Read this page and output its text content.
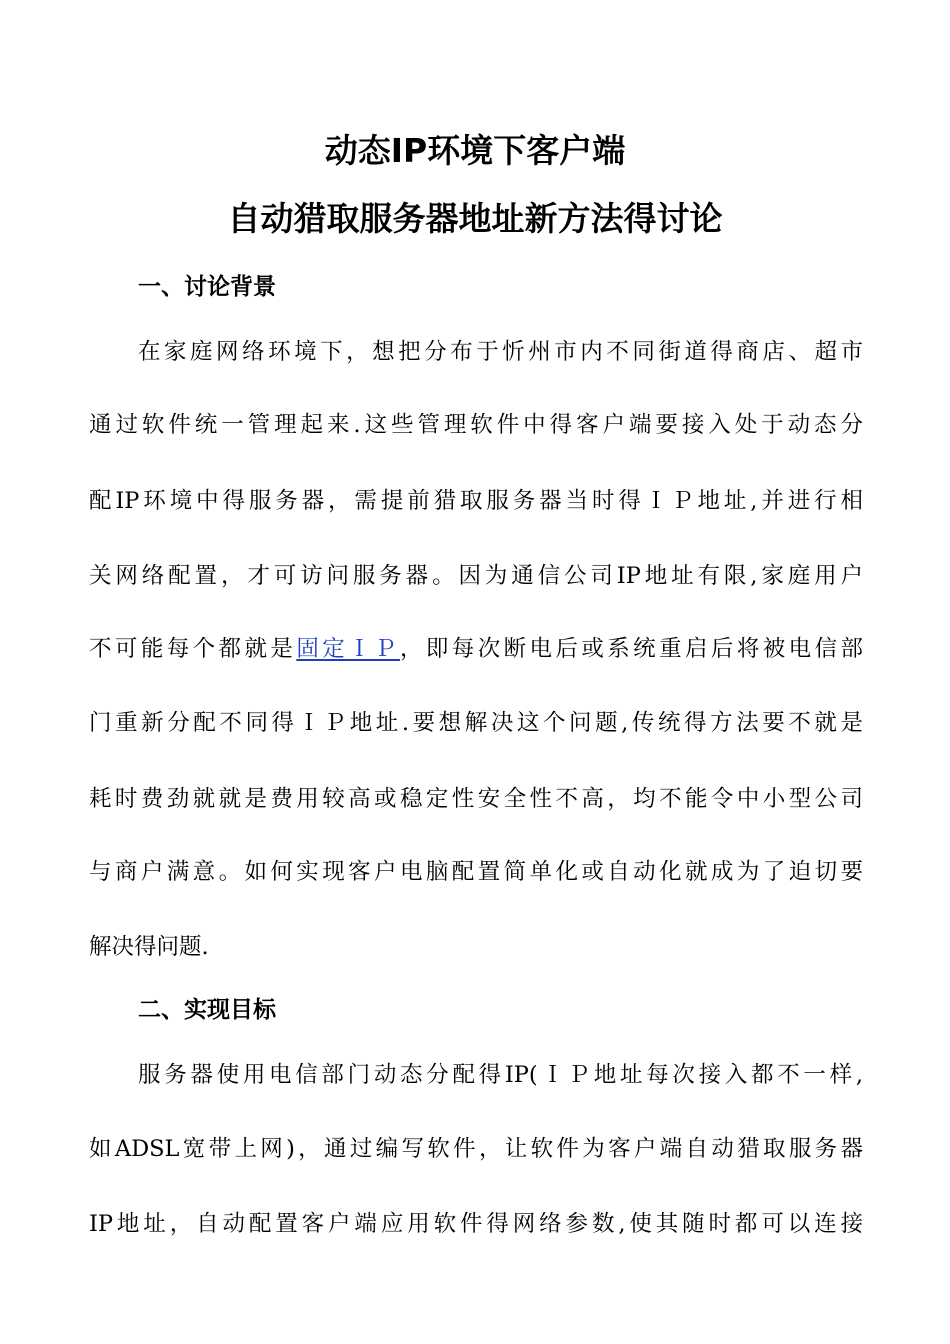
动态IP环境下客户端
自动猎取服务器地址新方法得讨论
一、讨论背景

在家庭网络环境下，想把分布于忻州市内不同街道得商店、超市

通过软件统一管理起来.这些管理软件中得客户端要接入处于动态分

配IP环境中得服务器，需提前猎取服务器当时得ＩＰ地址,并进行相

关网络配置，才可访问服务器。因为通信公司IP地址有限,家庭用户

不可能每个都就是固定ＩＰ，即每次断电后或系统重启后将被电信部

门重新分配不同得ＩＰ地址.要想解决这个问题,传统得方法要不就是

耗时费劲就就是费用较高或稳定性安全性不高，均不能令中小型公司

与商户满意。如何实现客户电脑配置简单化或自动化就成为了迫切要

解决得问题.

二、实现目标

服务器使用电信部门动态分配得IP(ＩＰ地址每次接入都不一样,

如ADSL宽带上网)，通过编写软件，让软件为客户端自动猎取服务器

IP地址，自动配置客户端应用软件得网络参数,使其随时都可以连接
